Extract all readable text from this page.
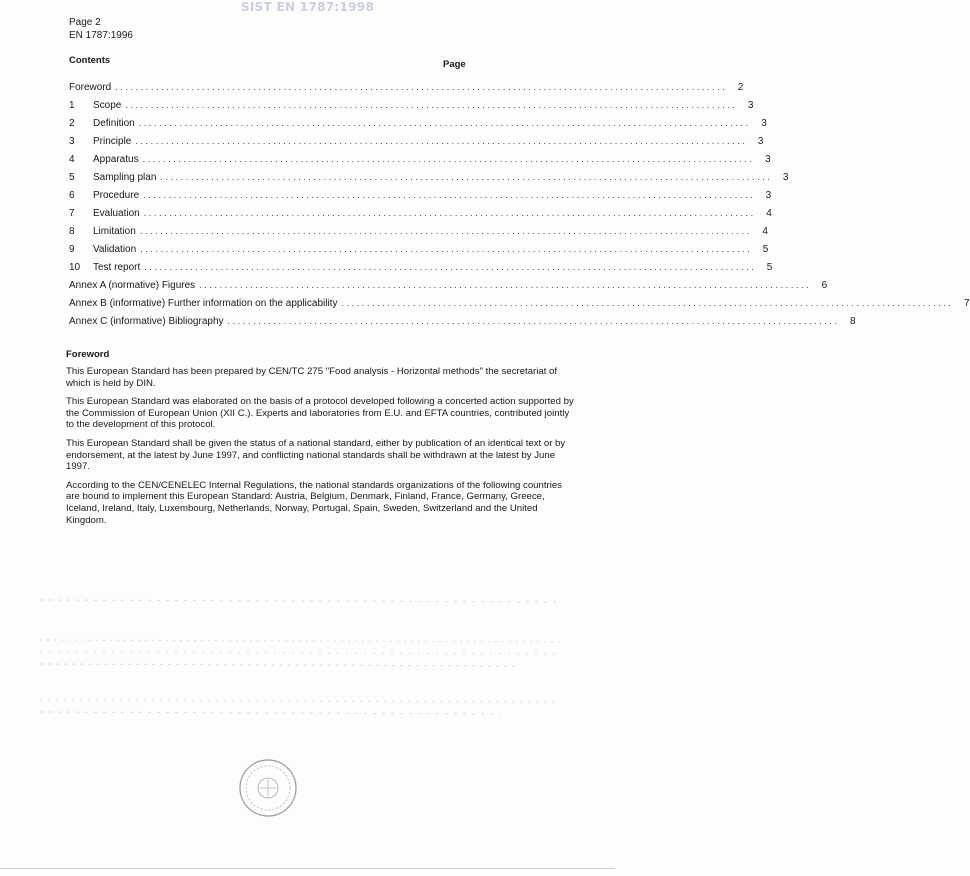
SIST EN 1787:1998
Page 2
EN 1787:1996
Contents	Page
Foreword ........................................................................................................................	2
1	Scope ........................................................................................................................	3
2	Definition ........................................................................................................................	3
3	Principle ........................................................................................................................	3
4	Apparatus ........................................................................................................................	3
5	Sampling plan ........................................................................................................................	3
6	Procedure ........................................................................................................................	3
7	Evaluation ........................................................................................................................	4
8	Limitation ........................................................................................................................	4
9	Validation ........................................................................................................................	5
10	Test report ........................................................................................................................	5
Annex A (normative) Figures ........................................................................................................................	6
Annex B (informative) Further information on the applicability ........................................................................................................................	7
Annex C (informative) Bibliography ........................................................................................................................	8
Foreword

This European Standard has been prepared by CEN/TC 275 "Food analysis - Horizontal methods" the secretariat of which is held by DIN.

This European Standard was elaborated on the basis of a protocol developed following a concerted action supported by the Commission of European Union (XII C.). Experts and laboratories from E.U. and EFTA countries, contributed jointly to the development of this protocol.

This European Standard shall be given the status of a national standard, either by publication of an identical text or by endorsement, at the latest by June 1997, and conflicting national standards shall be withdrawn at the latest by June 1997.

According to the CEN/CENELEC Internal Regulations, the national standards organizations of the following countries are bound to implement this European Standard: Austria, Belgium, Denmark, Finland, France, Germany, Greece, Iceland, Ireland, Italy, Luxembourg, Netherlands, Norway, Portugal, Spain, Sweden, Switzerland and the United Kingdom.
